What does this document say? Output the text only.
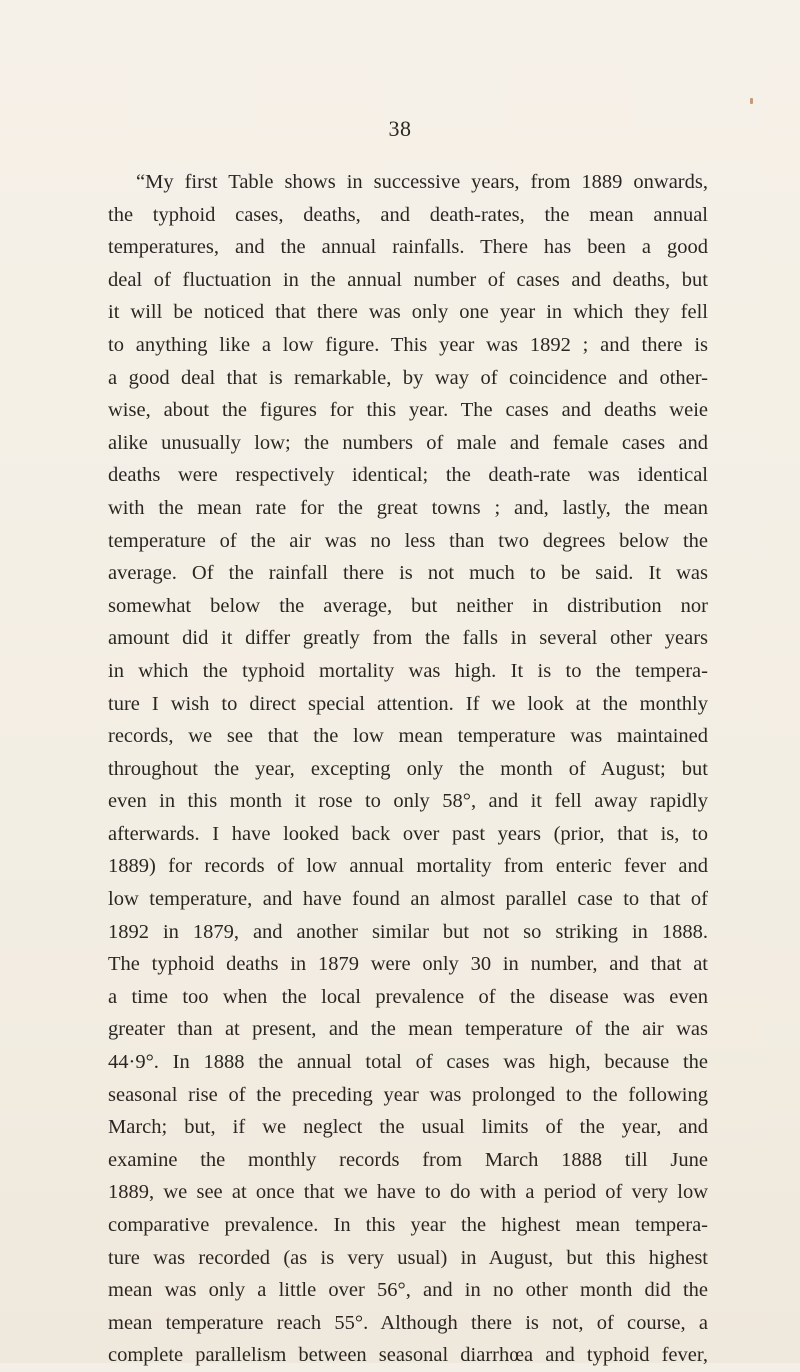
38
“My first Table shows in successive years, from 1889 onwards,
the typhoid cases, deaths, and death-rates, the mean annual
temperatures, and the annual rainfalls. There has been a good
deal of fluctuation in the annual number of cases and deaths, but
it will be noticed that there was only one year in which they fell
to anything like a low figure. This year was 1892 ; and there is
a good deal that is remarkable, by way of coincidence and other-
wise, about the figures for this year. The cases and deaths weie
alike unusually low; the numbers of male and female cases and
deaths were respectively identical; the death-rate was identical
with the mean rate for the great towns ; and, lastly, the mean
temperature of the air was no less than two degrees below the
average. Of the rainfall there is not much to be said. It was
somewhat below the average, but neither in distribution nor
amount did it differ greatly from the falls in several other years
in which the typhoid mortality was high. It is to the tempera-
ture I wish to direct special attention. If we look at the monthly
records, we see that the low mean temperature was maintained
throughout the year, excepting only the month of August; but
even in this month it rose to only 58°, and it fell away rapidly
afterwards. I have looked back over past years (prior, that is, to
1889) for records of low annual mortality from enteric fever and
low temperature, and have found an almost parallel case to that of
1892 in 1879, and another similar but not so striking in 1888.
The typhoid deaths in 1879 were only 30 in number, and that at
a time too when the local prevalence of the disease was even
greater than at present, and the mean temperature of the air was
44·9°. In 1888 the annual total of cases was high, because the
seasonal rise of the preceding year was prolonged to the following
March; but, if we neglect the usual limits of the year, and
examine the monthly records from March 1888 till June
1889, we see at once that we have to do with a period of very low
comparative prevalence. In this year the highest mean tempera-
ture was recorded (as is very usual) in August, but this highest
mean was only a little over 56°, and in no other month did the
mean temperature reach 55°. Although there is not, of course, a
complete parallelism between seasonal diarrhœa and typhoid fever,
